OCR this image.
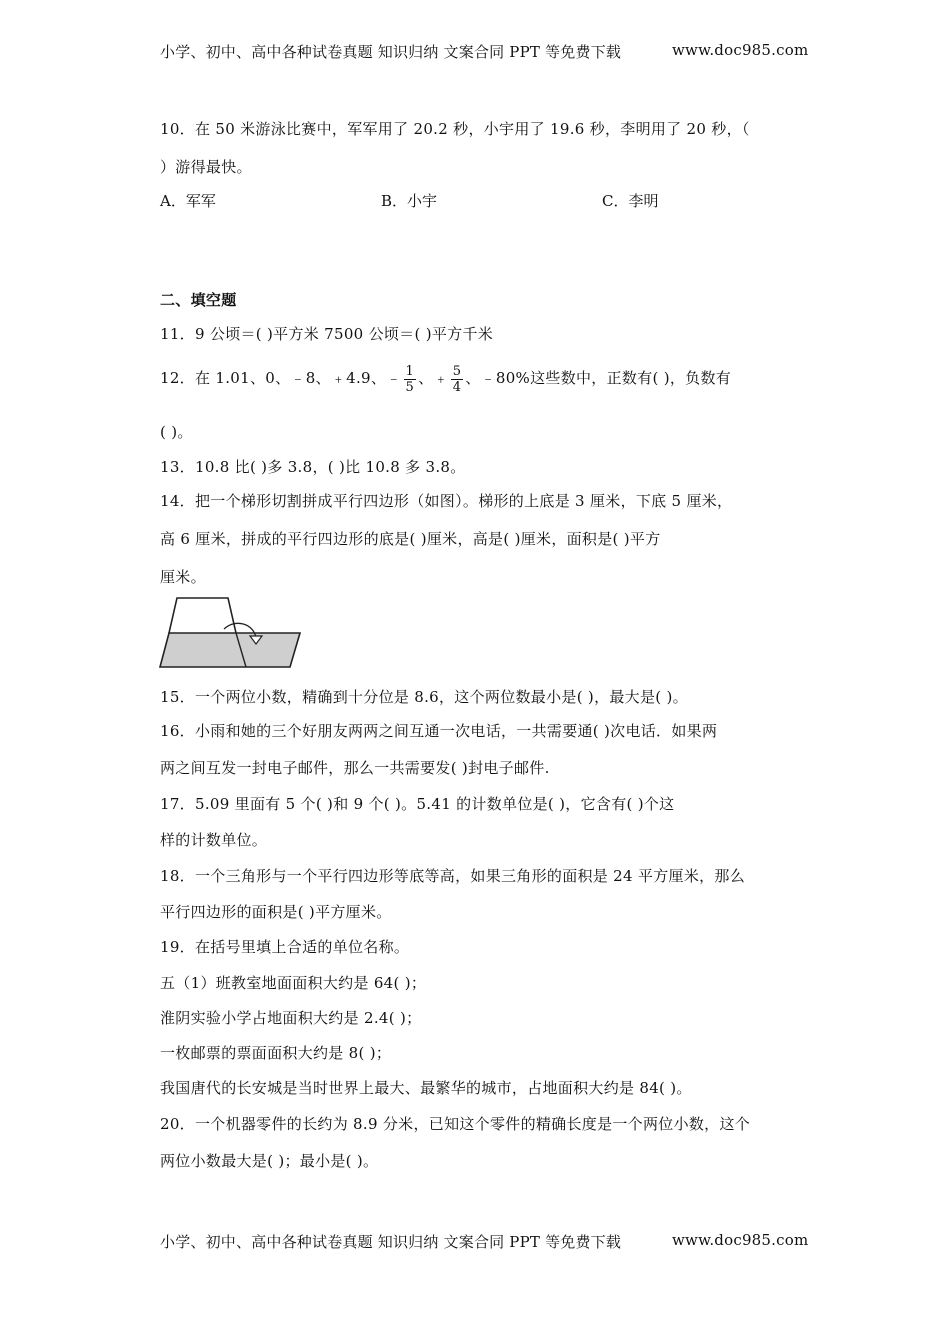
小学、初中、高中各种试卷真题 知识归纳 文案合同 PPT 等免费下载	www.doc985.com
10．在 50 米游泳比赛中，军军用了 20.2 秒，小宇用了 19.6 秒，李明用了 20 秒，（
）游得最快。
A．军军	B．小宇	C．李明
二、填空题
11．9 公顷＝( )平方米 7500 公顷＝( )平方千米
12．在 1.01、0、﹣8、﹢4.9、﹣ $\frac{1}{5}$ 、﹢ $\frac{5}{4}$ 、﹣80%这些数中，正数有( )，负数有
( )。
13．10.8 比( )多 3.8，( )比 10.8 多 3.8。
14．把一个梯形切割拼成平行四边形（如图）。梯形的上底是 3 厘米，下底 5 厘米，
高 6 厘米，拼成的平行四边形的底是( )厘米，高是( )厘米，面积是( )平方
厘米。
15．一个两位小数，精确到十分位是 8.6，这个两位数最小是( )，最大是( )。
16．小雨和她的三个好朋友两两之间互通一次电话，一共需要通( )次电话．如果两
两之间互发一封电子邮件，那么一共需要发( )封电子邮件.
17．5.09 里面有 5 个( )和 9 个( )。5.41 的计数单位是( )，它含有( )个这
样的计数单位。
18．一个三角形与一个平行四边形等底等高，如果三角形的面积是 24 平方厘米，那么
平行四边形的面积是( )平方厘米。
19．在括号里填上合适的单位名称。
五（1）班教室地面面积大约是 64( )；
淮阴实验小学占地面积大约是 2.4( )；
一枚邮票的票面面积大约是 8( )；
我国唐代的长安城是当时世界上最大、最繁华的城市，占地面积大约是 84( )。
20．一个机器零件的长约为 8.9 分米，已知这个零件的精确长度是一个两位小数，这个
两位小数最大是( )；最小是( )。
小学、初中、高中各种试卷真题 知识归纳 文案合同 PPT 等免费下载	www.doc985.com
